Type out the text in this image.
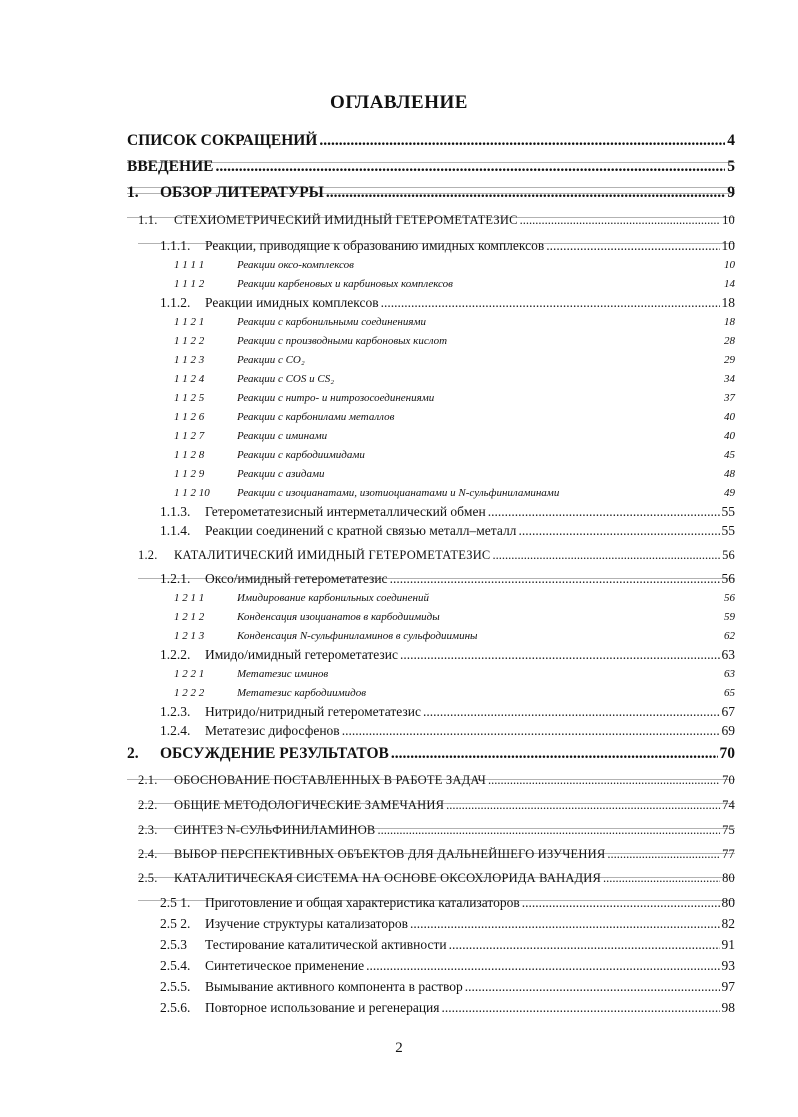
ОГЛАВЛЕНИЕ
СПИСОК СОКРАЩЕНИЙ .....	4
ВВЕДЕНИЕ .....	5
1.	ОБЗОР ЛИТЕРАТУРЫ .....	9
1.1.	СТЕХИОМЕТРИЧЕСКИЙ ИМИДНЫЙ ГЕТЕРОМЕТАТЕЗИС .....	10
1.1.1.	Реакции, приводящие к образованию имидных комплексов .....	10
1 1 1 1	Реакции оксо-комплексов	10
1 1 1 2	Реакции карбеновых и карбиновых комплексов	14
1.1.2.	Реакции имидных комплексов .....	18
1 1 2 1	Реакции с карбонильными соединениями	18
1 1 2 2	Реакции с производными карбоновых кислот	28
1 1 2 3	Реакции с CO₂	29
1 1 2 4	Реакции с COS и CS₂	34
1 1 2 5	Реакции с нитро- и нитрозосоединениями	37
1 1 2 6	Реакции с карбонилами металлов	40
1 1 2 7	Реакции с иминами	40
1 1 2 8	Реакции с карбодиимидами	45
1 1 2 9	Реакции с азидами	48
1 1 2 10	Реакции с изоцианатами, изотиоцианатами и N-сульфиниламинами	49
1.1.3.	Гетерометатезисный интерметаллический обмен .....	55
1.1.4.	Реакции соединений с кратной связью металл–металл .....	55
1.2.	КАТАЛИТИЧЕСКИЙ ИМИДНЫЙ ГЕТЕРОМЕТАТЕЗИС .....	56
1.2.1.	Оксо/имидный гетерометатезис .....	56
1 2 1 1	Имидирование карбонильных соединений	56
1 2 1 2	Конденсация изоцианатов в карбодиимиды	59
1 2 1 3	Конденсация N-сульфиниламинов в сульфодиимины	62
1.2.2.	Имидо/имидный гетерометатезис .....	63
1 2 2 1	Метатезис иминов	63
1 2 2 2	Метатезис карбодиимидов	65
1.2.3.	Нитридо/нитридный гетерометатезис .....	67
1.2.4.	Метатезис дифосфенов .....	69
2.	ОБСУЖДЕНИЕ РЕЗУЛЬТАТОВ .....	70
2.1.	ОБОСНОВАНИЕ ПОСТАВЛЕННЫХ В РАБОТЕ ЗАДАЧ .....	70
2.2.	ОБЩИЕ МЕТОДОЛОГИЧЕСКИЕ ЗАМЕЧАНИЯ .....	74
2.3.	СИНТЕЗ N-СУЛЬФИНИЛАМИНОВ .....	75
2.4.	ВЫБОР ПЕРСПЕКТИВНЫХ ОБЪЕКТОВ ДЛЯ ДАЛЬНЕЙШЕГО ИЗУЧЕНИЯ .....	77
2.5.	КАТАЛИТИЧЕСКАЯ СИСТЕМА НА ОСНОВЕ ОКСОХЛОРИДА ВАНАДИЯ .....	80
2.5 1.	Приготовление и общая характеристика катализаторов .....	80
2.5 2.	Изучение структуры катализаторов .....	82
2.5.3	Тестирование каталитической активности .....	91
2.5.4.	Синтетическое применение .....	93
2.5.5.	Вымывание активного компонента в раствор .....	97
2.5.6.	Повторное использование и регенерация .....	98
2
